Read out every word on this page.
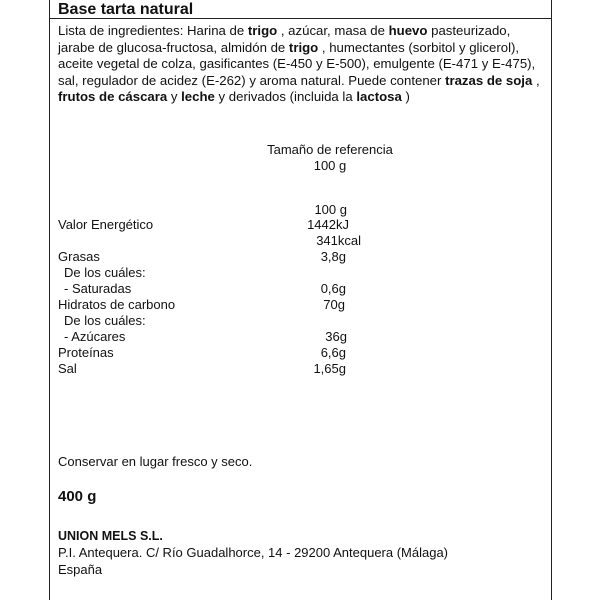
Base tarta natural
Lista de ingredientes: Harina de trigo , azúcar, masa de huevo pasteurizado, jarabe de glucosa-fructosa, almidón de trigo , humectantes (sorbitol y glicerol), aceite vegetal de colza, gasificantes (E-450 y E-500), emulgente (E-471 y E-475), sal, regulador de acidez (E-262) y aroma natural. Puede contener trazas de soja , frutos de cáscara y leche y derivados (incluida la lactosa )
Tamaño de referencia
100 g
100 g
Valor Energético	1442kJ
341kcal
Grasas	3,8g
De los cuáles:
- Saturadas	0,6g
Hidratos de carbono	70g
De los cuáles:
- Azúcares	36g
Proteínas	6,6g
Sal	1,65g
Conservar en lugar fresco y seco.
400 g
UNION MELS S.L.
P.I. Antequera. C/ Río Guadalhorce, 14 - 29200 Antequera (Málaga)
España
